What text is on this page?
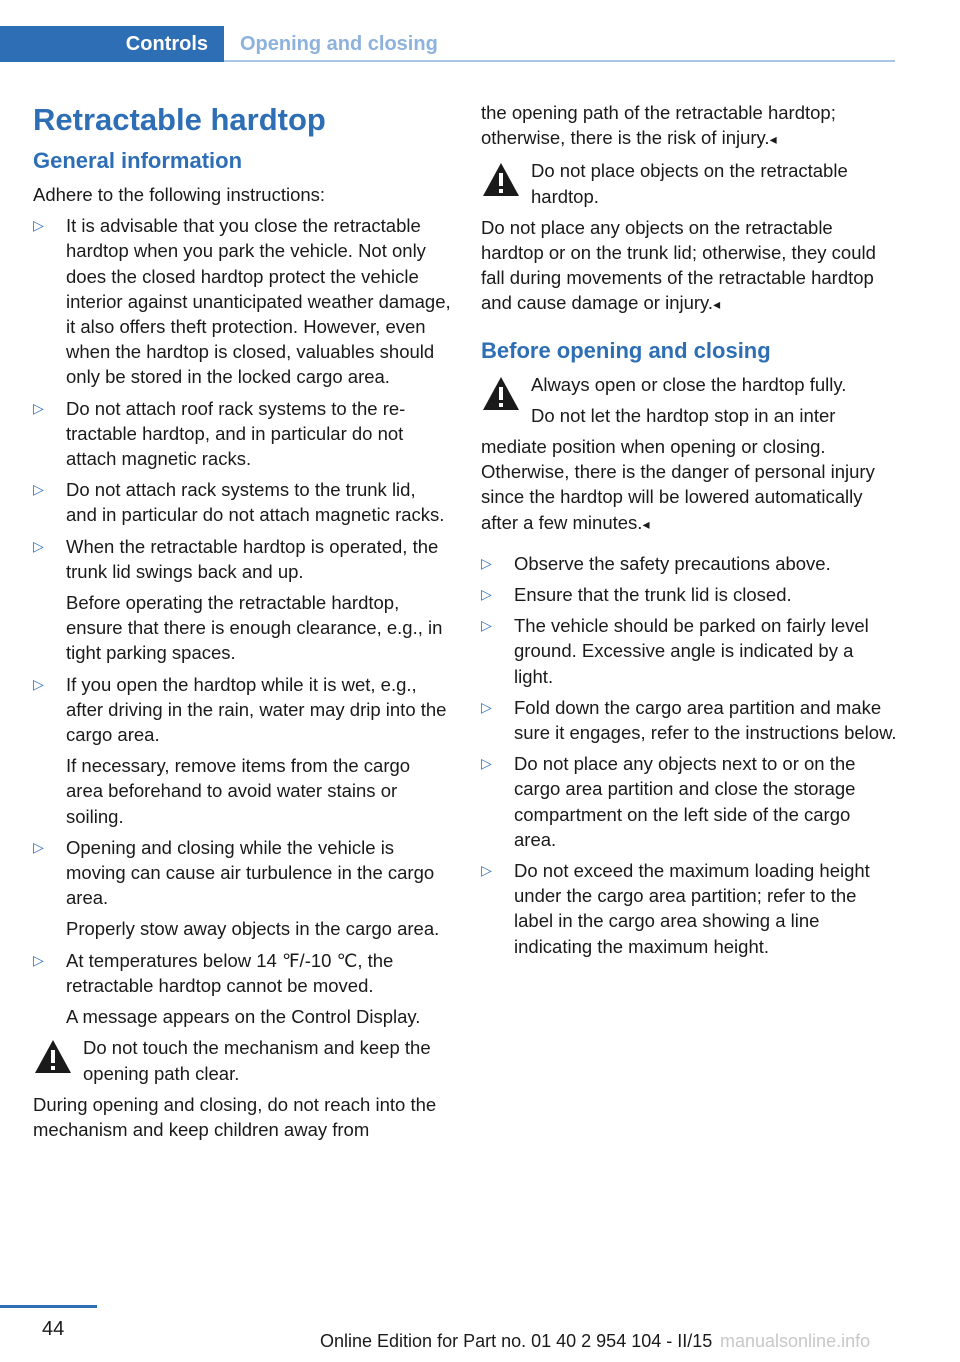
Controls	Opening and closing
Retractable hardtop
General information

Adhere to the following instructions:

▷ It is advisable that you close the retractable hardtop when you park the vehicle. Not only does the closed hardtop protect the vehicle interior against unanticipated weather damage, it also offers theft protection. However, even when the hardtop is closed, valuables should only be stored in the locked cargo area.
▷ Do not attach roof rack systems to the retractable hardtop, and in particular do not attach magnetic racks.
▷ Do not attach rack systems to the trunk lid, and in particular do not attach magnetic racks.
▷ When the retractable hardtop is operated, the trunk lid swings back and up.

Before operating the retractable hardtop, ensure that there is enough clearance, e.g., in tight parking spaces.

▷ If you open the hardtop while it is wet, e.g., after driving in the rain, water may drip into the cargo area.

If necessary, remove items from the cargo area beforehand to avoid water stains or soiling.

▷ Opening and closing while the vehicle is moving can cause air turbulence in the cargo area.

Properly stow away objects in the cargo area.

▷ At temperatures below 14 ℉/-10 ℃, the retractable hardtop cannot be moved.

A message appears on the Control Display.

Do not touch the mechanism and keep the opening path clear.

During opening and closing, do not reach into the mechanism and keep children away from

the opening path of the retractable hardtop; otherwise, there is the risk of injury.◂

Do not place objects on the retractable hardtop.

Do not place any objects on the retractable hardtop or on the trunk lid; otherwise, they could fall during movements of the retractable hardtop and cause damage or injury.◂

Before opening and closing

Always open or close the hardtop fully.

Do not let the hardtop stop in an inter

mediate position when opening or closing. Otherwise, there is the danger of personal injury since the hardtop will be lowered automatically after a few minutes.◂

▷ Observe the safety precautions above.
▷ Ensure that the trunk lid is closed.
▷ The vehicle should be parked on fairly level ground. Excessive angle is indicated by a light.
▷ Fold down the cargo area partition and make sure it engages, refer to the instructions below.
▷ Do not place any objects next to or on the cargo area partition and close the storage compartment on the left side of the cargo area.
▷ Do not exceed the maximum loading height under the cargo area partition; refer to the label in the cargo area showing a line indicating the maximum height.
44
Online Edition for Part no. 01 40 2 954 104 - II/15 manualsonline.info
